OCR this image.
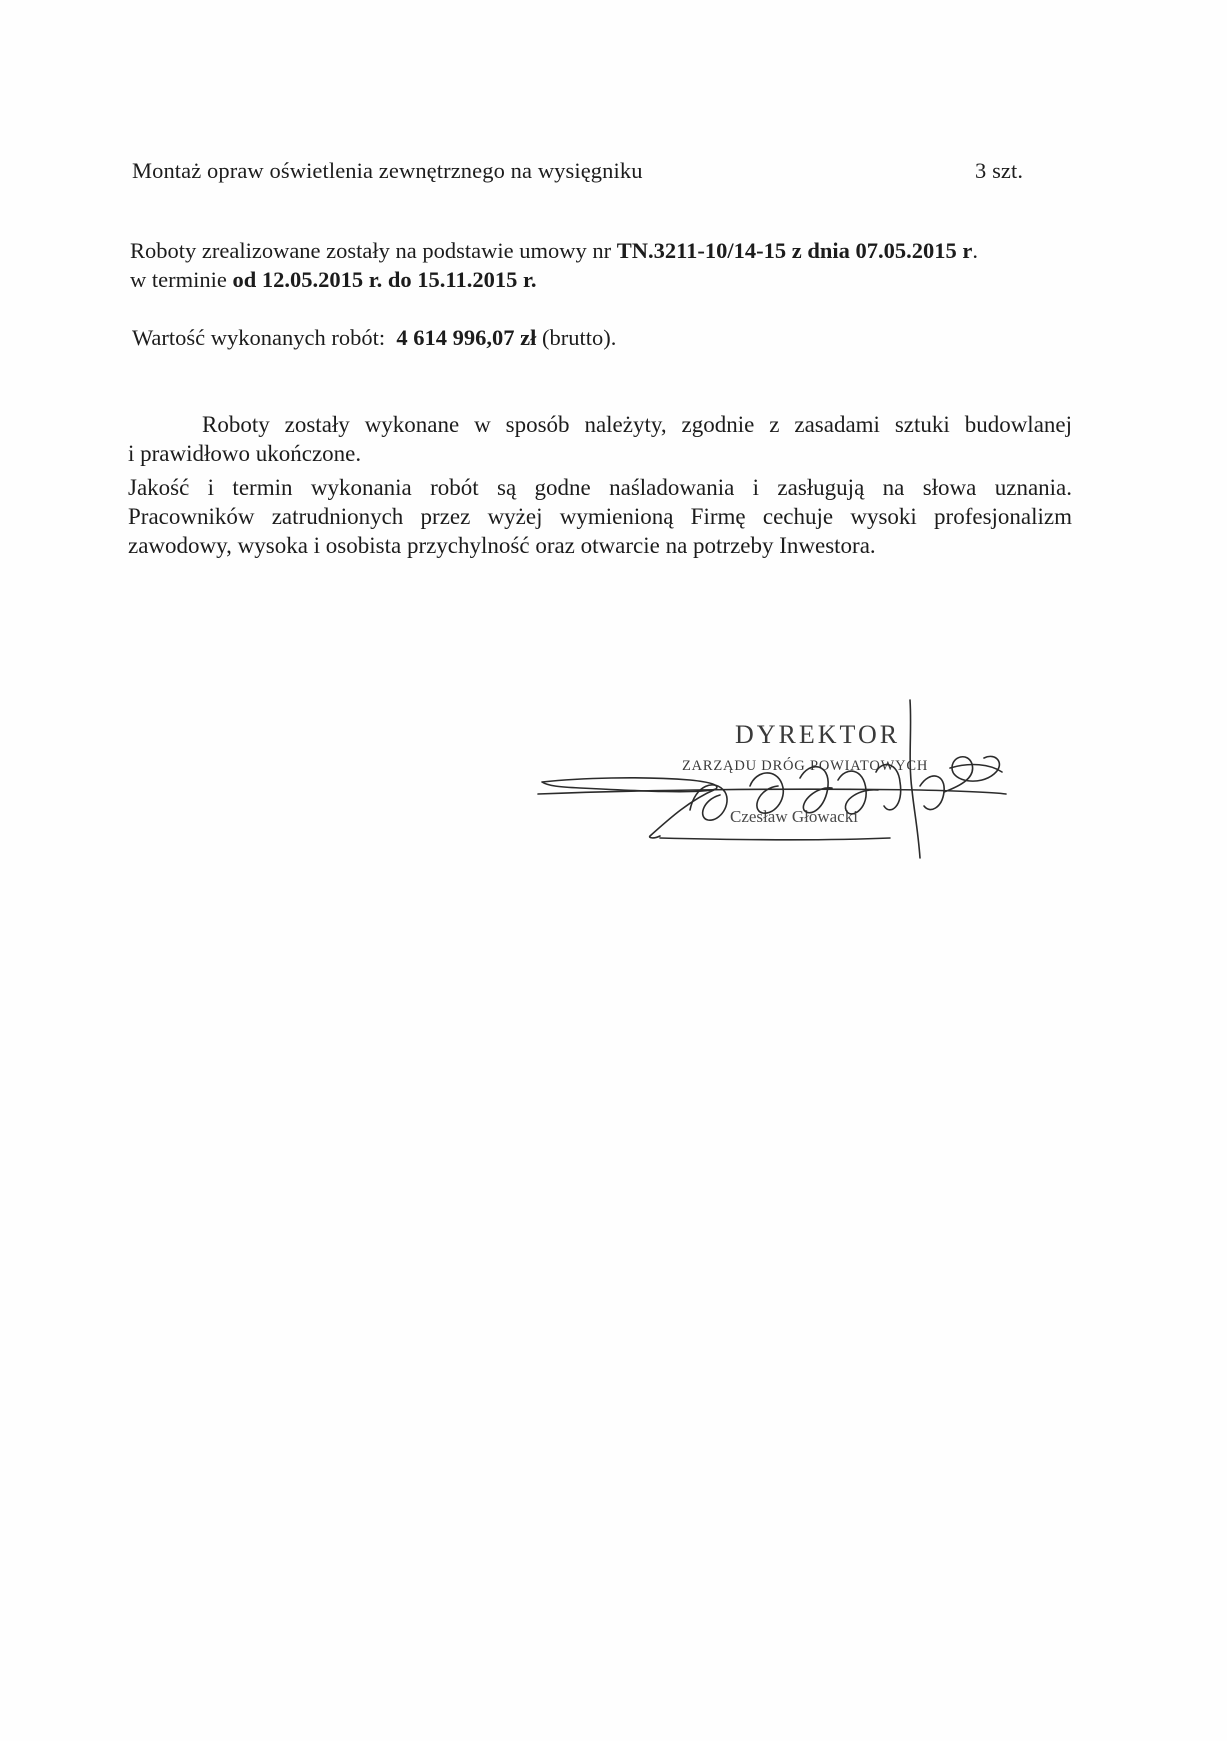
Montaż opraw oświetlenia zewnętrznego na wysięgniku	3 szt.
Roboty zrealizowane zostały na podstawie umowy nr TN.3211-10/14-15 z dnia 07.05.2015 r.
w terminie od 12.05.2015 r. do 15.11.2015 r.
Wartość wykonanych robót:  4 614 996,07 zł (brutto).
Roboty zostały wykonane w sposób należyty, zgodnie z zasadami sztuki budowlanej
i prawidłowo ukończone.
Jakość i termin wykonania robót są godne naśladowania i zasługują na słowa uznania.
Pracowników zatrudnionych przez wyżej wymienioną Firmę cechuje wysoki profesjonalizm
zawodowy, wysoka i osobista przychylność oraz otwarcie na potrzeby Inwestora.
DYREKTOR
ZARZĄDU DRÓG POWIATOWYCH
Czesław Głowacki
